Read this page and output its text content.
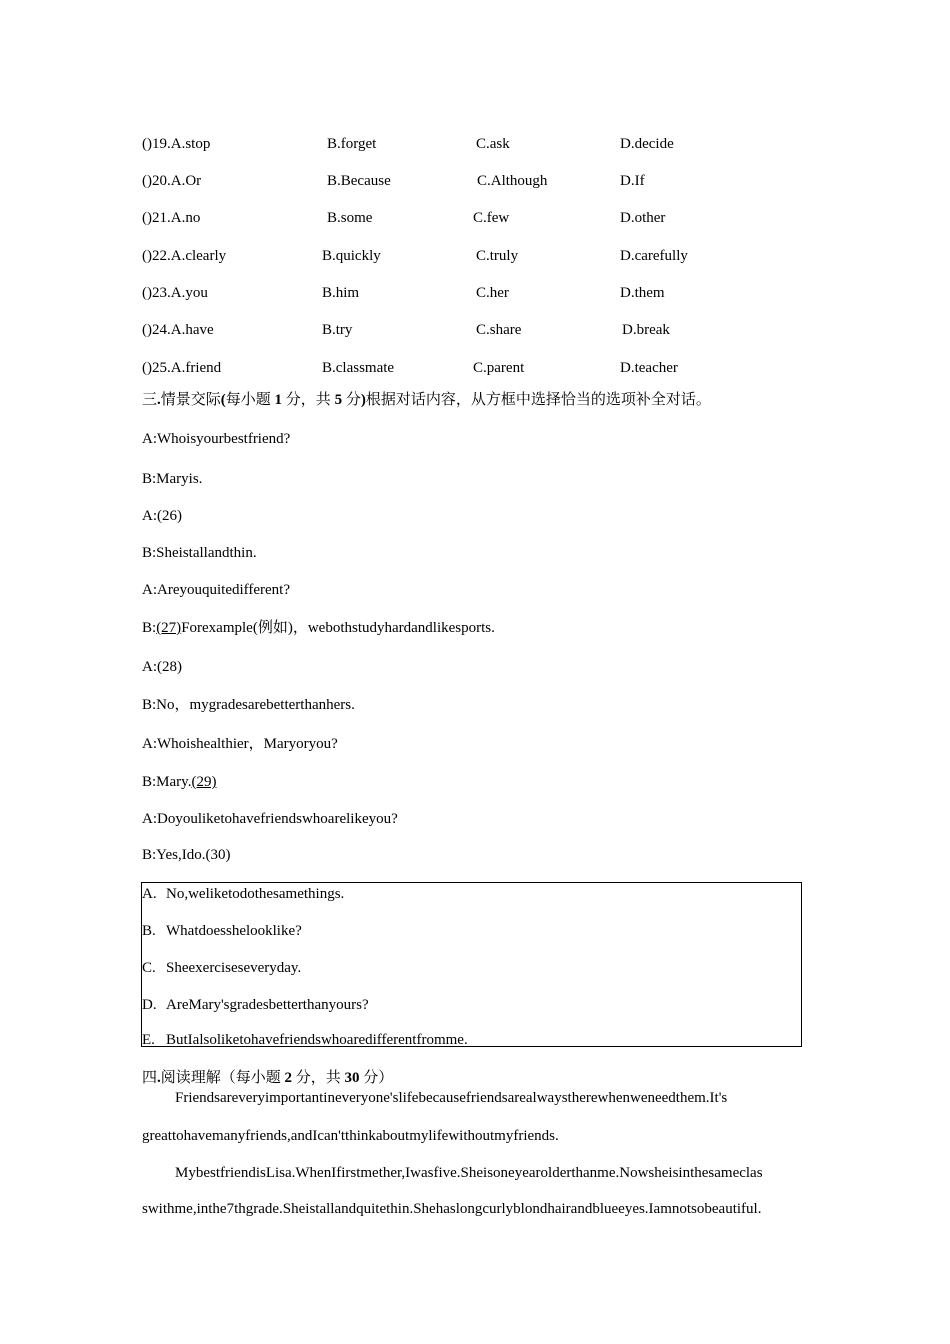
()19.A.stop	B.forget	C.ask	D.decide
()20.A.Or	B.Because	C.Although	D.If
()21.A.no	B.some	C.few	D.other
()22.A.clearly	B.quickly	C.truly	D.carefully
()23.A.you	B.him	C.her	D.them
()24.A.have	B.try	C.share	D.break
()25.A.friend	B.classmate	C.parent	D.teacher
三.情景交际(每小题 1 分，共 5 分)根据对话内容，从方框中选择恰当的选项补全对话。
A:Whoisyourbestfriend?
B:Maryis.
A:(26)
B:Sheistallandthin.
A:Areyouquitedifferent?
B:(27)Forexample(例如)，webothstudyhardandlikesports.
A:(28)
B:No，mygradesarebetterthanhers.
A:Whoishealthier，Maryoryou?
B:Mary.(29)
A:Doyouliketohavefriendswhoarelikeyou?
B:Yes,Ido.(30)
A. No,weliketodothesamethings.
B. Whatdoesshelooklike?
C. Sheexerciseseveryday.
D. AreMary'sgradesbetterthanyours?
E. ButIalsoliketohavefriendswhoaredifferentfromme.
四.阅读理解（每小题 2 分，共 30 分）
Friendsareveryimportantineveryone'slifebecausefriendsarealwaystherewhenweneedthem.It's
greattohavemanyfriends,andIcan'tthinkaboutmylifewithoutmyfriends.
MybestfriendisLisa.WhenIfirstmether,Iwasfive.Sheisoneyearolderthanme.Nowsheisinthesameclas
swithme,inthe7thgrade.Sheistallandquitethin.Shehaslongcurlyblondhairandblueeyes.Iamnotsobeautiful.
